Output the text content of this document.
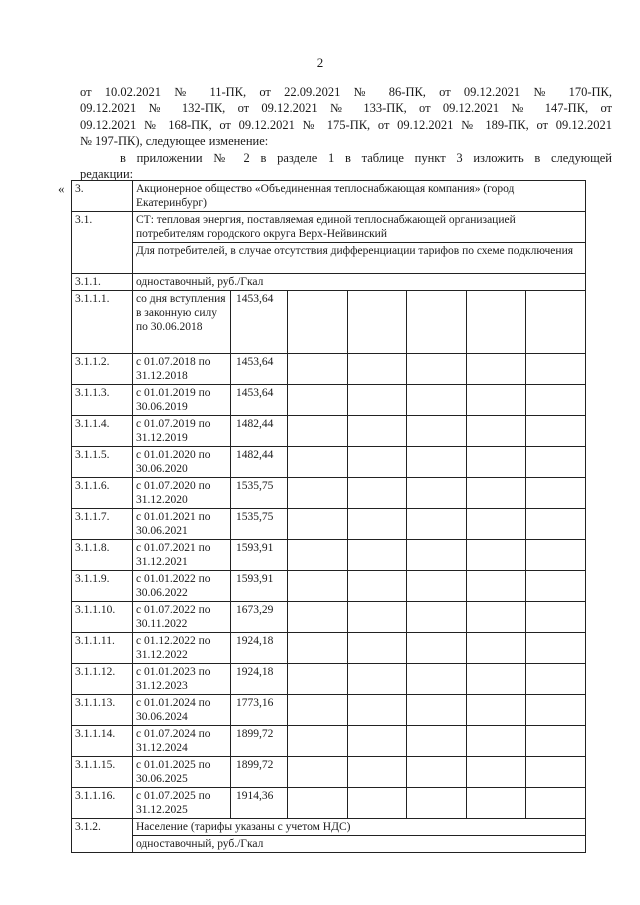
2
от 10.02.2021 № 11-ПК, от 22.09.2021 № 86-ПК, от 09.12.2021 № 170-ПК,
09.12.2021 № 132-ПК, от 09.12.2021 № 133-ПК, от 09.12.2021 № 147-ПК, от
09.12.2021 № 168-ПК, от 09.12.2021 № 175-ПК, от 09.12.2021 № 189-ПК, от 09.12.2021
№ 197-ПК), следующее изменение:
в приложении № 2 в разделе 1 в таблице пункт 3 изложить в следующей
редакции:
« 3.	Акционерное общество «Объединенная теплоснабжающая компания» (город Екатеринбург)						
3.1.	СТ: тепловая энергия, поставляемая единой теплоснабжающей организацией потребителям городского округа Верх-Нейвинский						
	Для потребителей, в случае отсутствия дифференциации тарифов по схеме подключения						
3.1.1.	одноставочный, руб./Гкал						
3.1.1.1.	со дня вступления в законную силу по 30.06.2018	1453,64					
3.1.1.2.	с 01.07.2018 по 31.12.2018	1453,64					
3.1.1.3.	с 01.01.2019 по 30.06.2019	1453,64					
3.1.1.4.	с 01.07.2019 по 31.12.2019	1482,44					
3.1.1.5.	с 01.01.2020 по 30.06.2020	1482,44					
3.1.1.6.	с 01.07.2020 по 31.12.2020	1535,75					
3.1.1.7.	с 01.01.2021 по 30.06.2021	1535,75					
3.1.1.8.	с 01.07.2021 по 31.12.2021	1593,91					
3.1.1.9.	с 01.01.2022 по 30.06.2022	1593,91					
3.1.1.10.	с 01.07.2022 по 30.11.2022	1673,29					
3.1.1.11.	с 01.12.2022 по 31.12.2022	1924,18					
3.1.1.12.	с 01.01.2023 по 31.12.2023	1924,18					
3.1.1.13.	с 01.01.2024 по 30.06.2024	1773,16					
3.1.1.14.	с 01.07.2024 по 31.12.2024	1899,72					
3.1.1.15.	с 01.01.2025 по 30.06.2025	1899,72					
3.1.1.16.	с 01.07.2025 по 31.12.2025	1914,36					
3.1.2.	Население (тарифы указаны с учетом НДС)						
	одноставочный, руб./Гкал						
